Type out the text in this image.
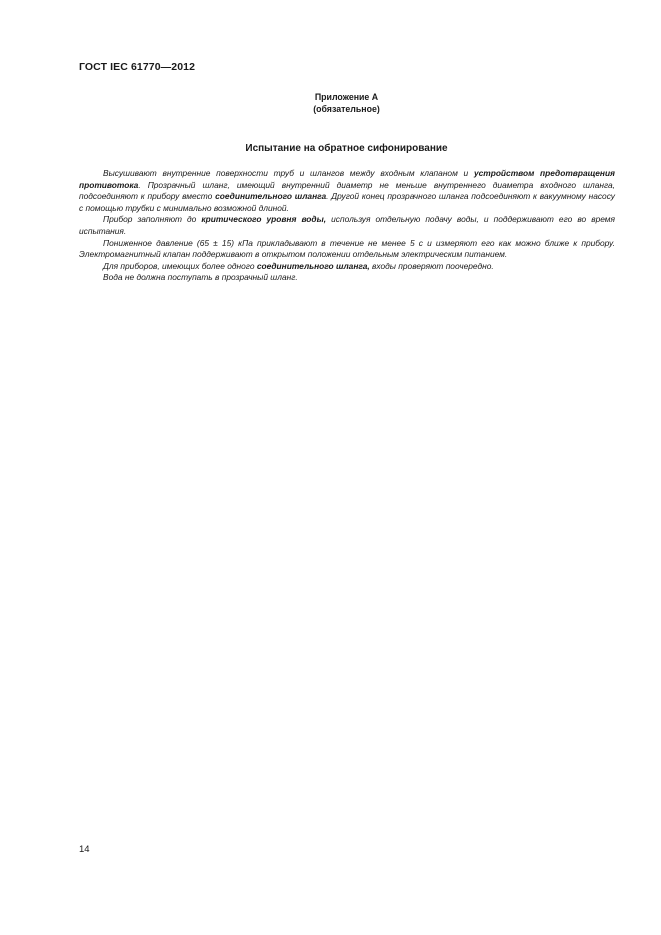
ГОСТ IEC 61770—2012
Приложение А
(обязательное)
Испытание на обратное сифонирование

Высушивают внутренние поверхности труб и шлангов между входным клапаном и устройством предотвращения противотока. Прозрачный шланг, имеющий внутренний диаметр не меньше внутреннего диаметра входного шланга, подсоединяют к прибору вместо соединительного шланга. Другой конец прозрачного шланга подсоединяют к вакуумному насосу с помощью трубки с минимально возможной длиной.

Прибор заполняют до критического уровня воды, используя отдельную подачу воды, и поддерживают его во время испытания.

Пониженное давление (65 ± 15) кПа прикладывают в течение не менее 5 с и измеряют его как можно ближе к прибору. Электромагнитный клапан поддерживают в открытом положении отдельным электрическим питанием.

Для приборов, имеющих более одного соединительного шланга, входы проверяют поочередно.

Вода не должна поступать в прозрачный шланг.

14
